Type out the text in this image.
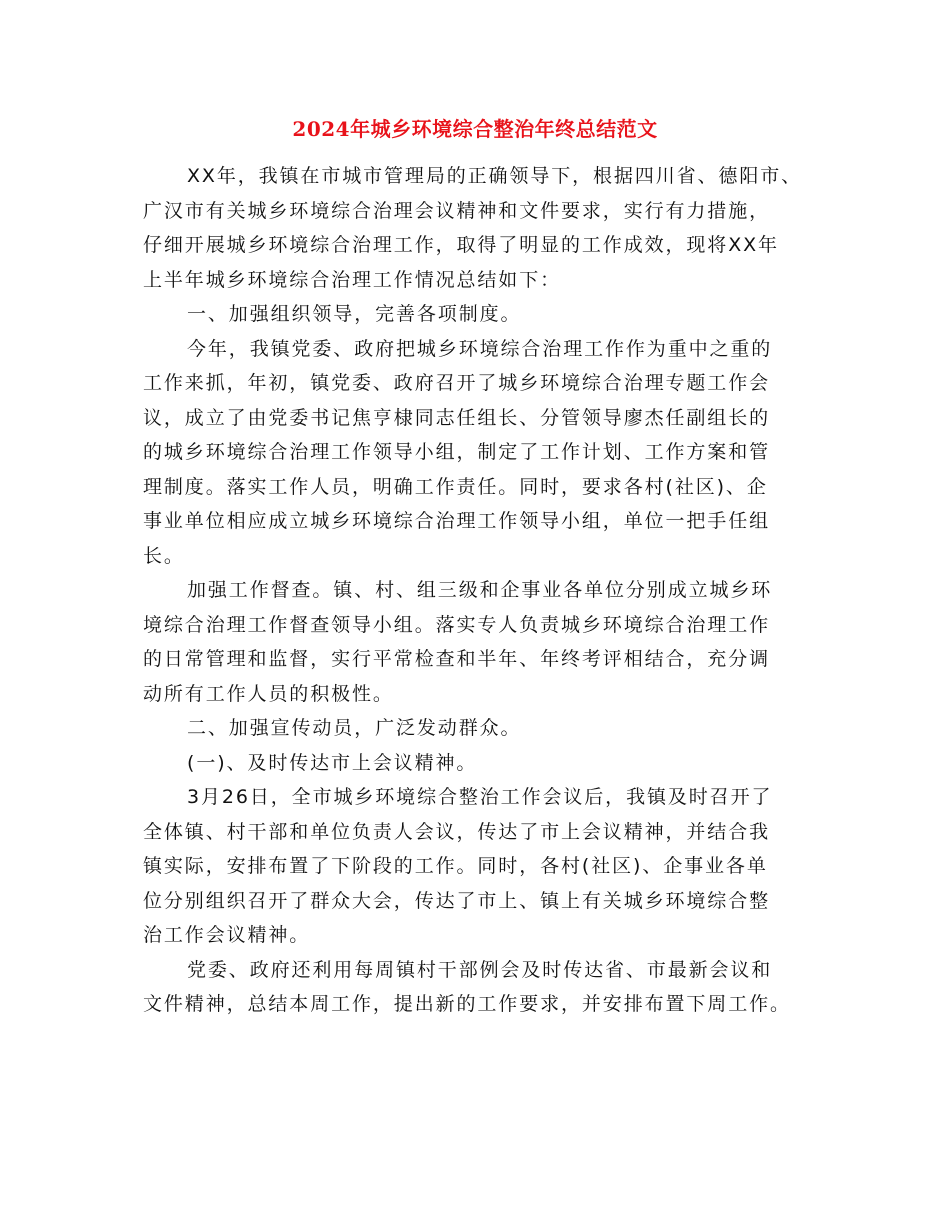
2024年城乡环境综合整治年终总结范文

XX年，我镇在市城市管理局的正确领导下，根据四川省、德阳市、
广汉市有关城乡环境综合治理会议精神和文件要求，实行有力措施，
仔细开展城乡环境综合治理工作，取得了明显的工作成效，现将XX年
上半年城乡环境综合治理工作情况总结如下：

一、加强组织领导，完善各项制度。

今年，我镇党委、政府把城乡环境综合治理工作作为重中之重的
工作来抓，年初，镇党委、政府召开了城乡环境综合治理专题工作会
议，成立了由党委书记焦亨棣同志任组长、分管领导廖杰任副组长的
的城乡环境综合治理工作领导小组，制定了工作计划、工作方案和管
理制度。落实工作人员，明确工作责任。同时，要求各村(社区)、企
事业单位相应成立城乡环境综合治理工作领导小组，单位一把手任组
长。

加强工作督查。镇、村、组三级和企事业各单位分别成立城乡环
境综合治理工作督查领导小组。落实专人负责城乡环境综合治理工作
的日常管理和监督，实行平常检查和半年、年终考评相结合，充分调
动所有工作人员的积极性。

二、加强宣传动员，广泛发动群众。

(一)、及时传达市上会议精神。

3月26日，全市城乡环境综合整治工作会议后，我镇及时召开了
全体镇、村干部和单位负责人会议，传达了市上会议精神，并结合我
镇实际，安排布置了下阶段的工作。同时，各村(社区)、企事业各单
位分别组织召开了群众大会，传达了市上、镇上有关城乡环境综合整
治工作会议精神。

党委、政府还利用每周镇村干部例会及时传达省、市最新会议和
文件精神，总结本周工作，提出新的工作要求，并安排布置下周工作。
